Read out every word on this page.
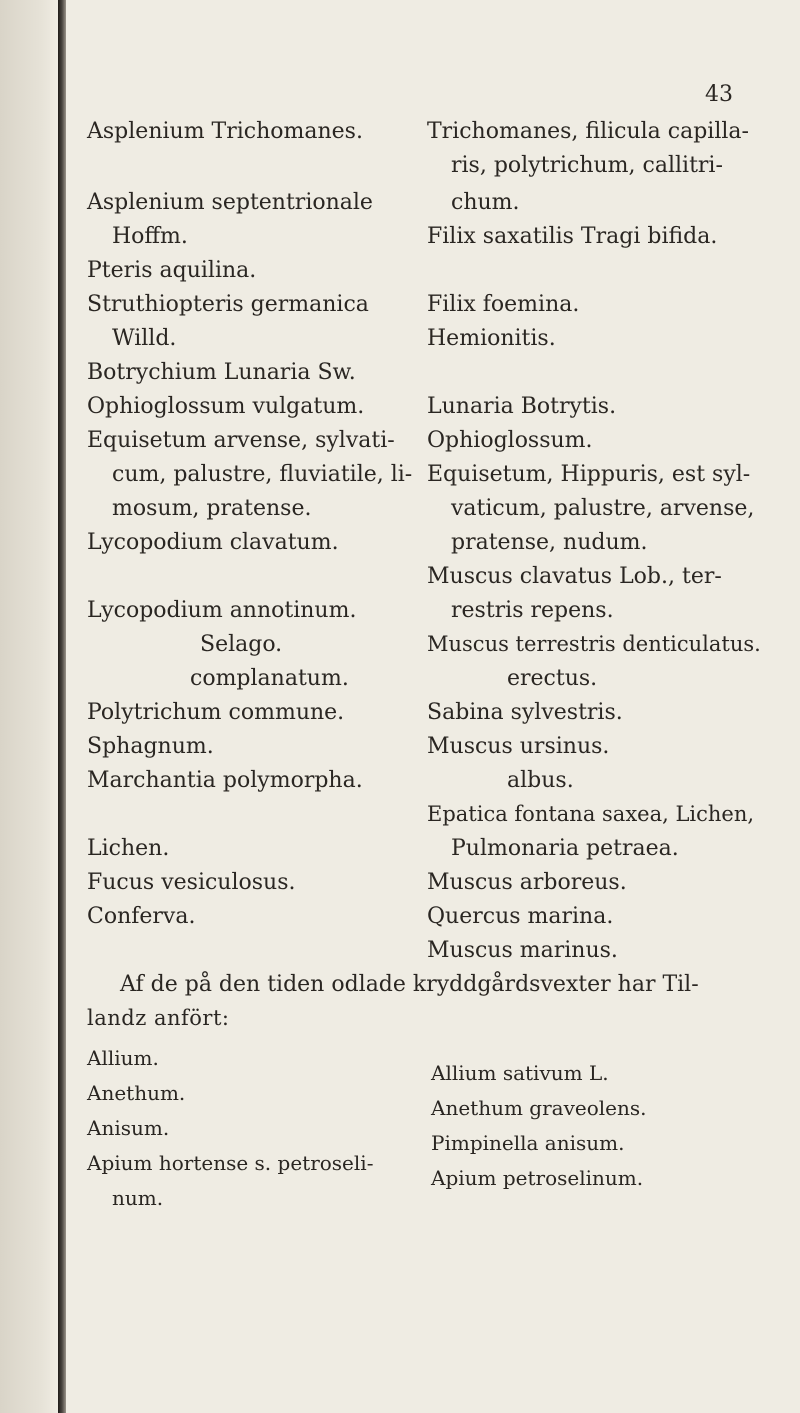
43
Asplenium Trichomanes.
Asplenium septentrionale
Hoffm.
Pteris aquilina.
Struthiopteris germanica
Willd.
Botrychium Lunaria Sw.
Ophioglossum vulgatum.
Equisetum arvense, sylvati-
cum, palustre, fluviatile, li-
mosum, pratense.
Lycopodium clavatum.
Lycopodium annotinum.
Selago.
complanatum.
Polytrichum commune.
Sphagnum.
Marchantia polymorpha.
Lichen.
Fucus vesiculosus.
Conferva.
Trichomanes, filicula capilla-
ris, polytrichum, callitri-
chum.
Filix saxatilis Tragi bifida.
Filix foemina.
Hemionitis.
Lunaria Botrytis.
Ophioglossum.
Equisetum, Hippuris, est syl-
vaticum, palustre, arvense,
pratense, nudum.
Muscus clavatus Lob., ter-
restris repens.
Muscus terrestris denticulatus.
erectus.
Sabina sylvestris.
Muscus ursinus.
albus.
Epatica fontana saxea, Lichen,
Pulmonaria petraea.
Muscus arboreus.
Quercus marina.
Muscus marinus.
Af de på den tiden odlade kryddgårdsvexter har Til-
landz anfört:
Allium.
Anethum.
Anisum.
Apium hortense s. petroseli-
num.
Allium sativum L.
Anethum graveolens.
Pimpinella anisum.
Apium petroselinum.
